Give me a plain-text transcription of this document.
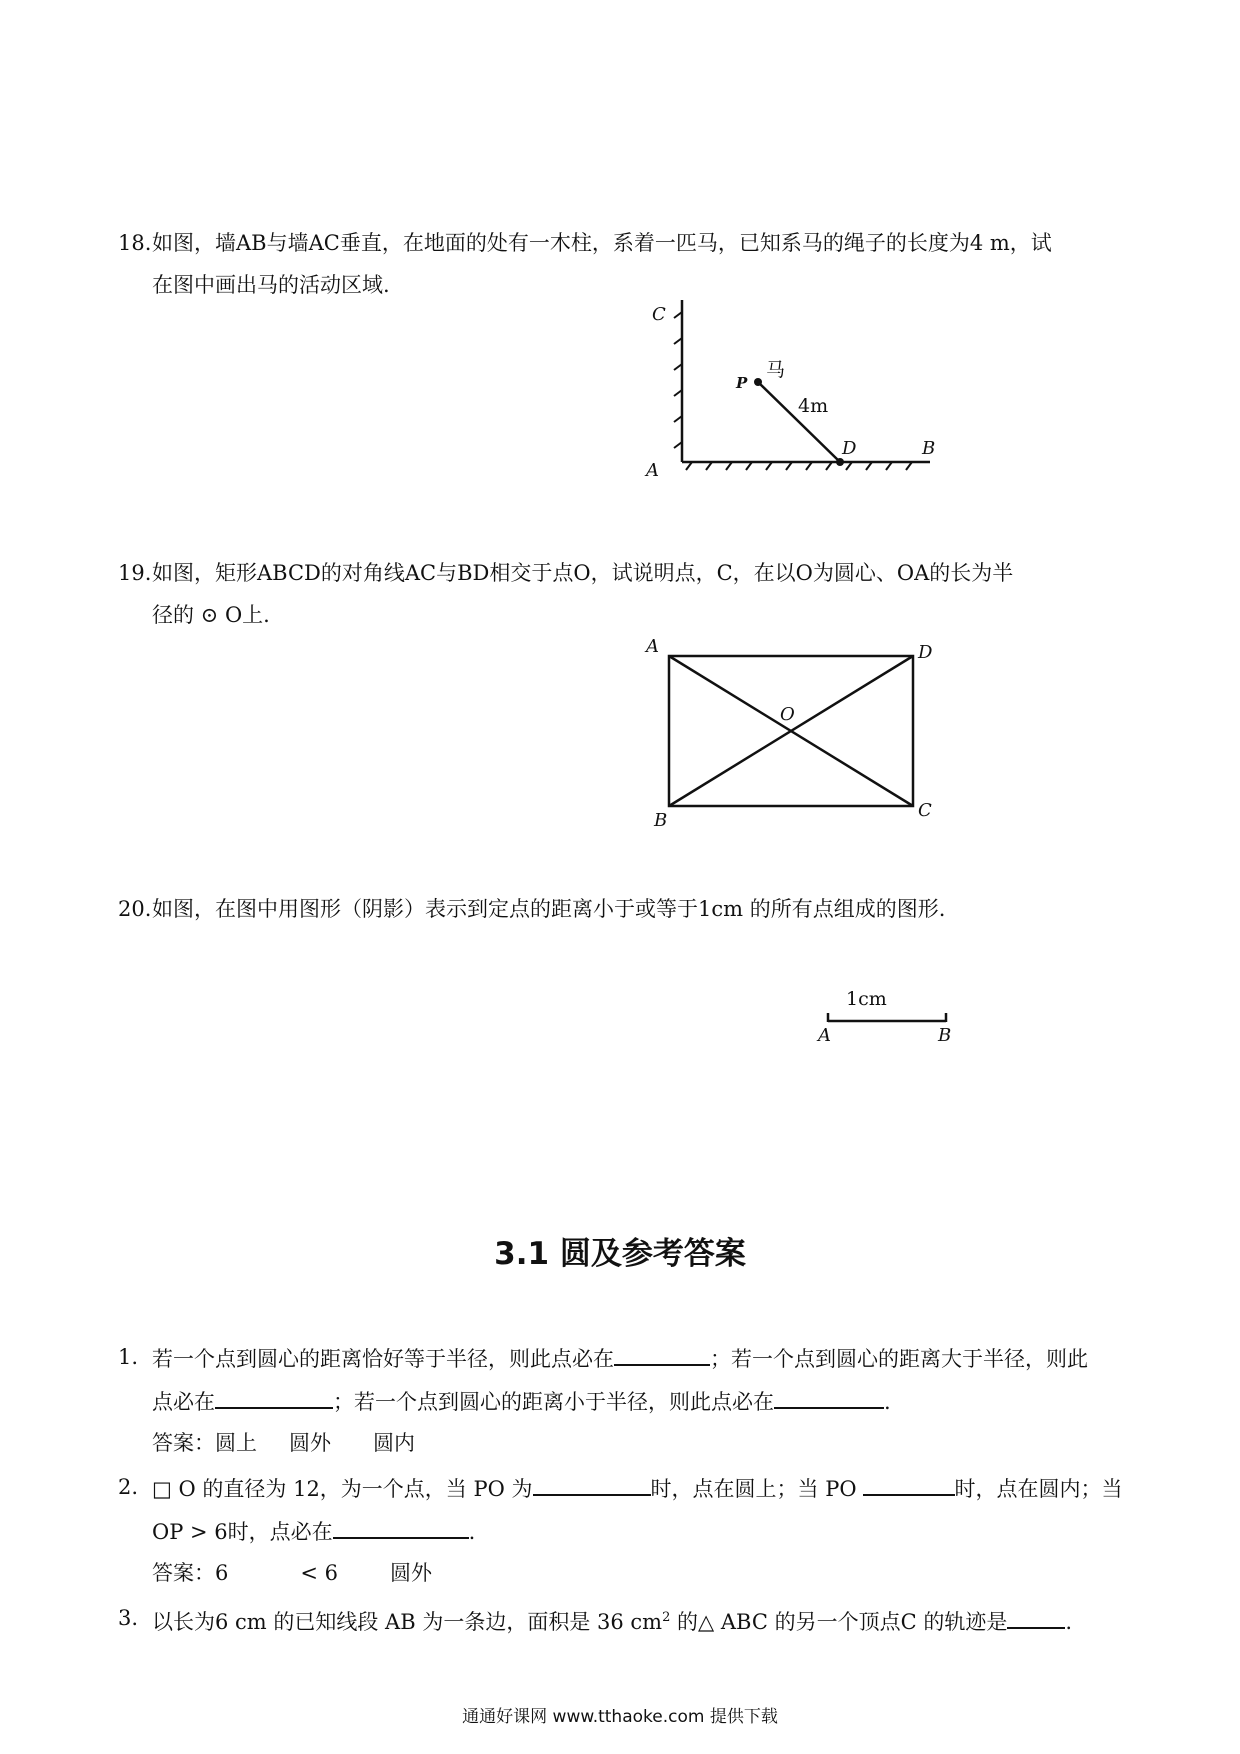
18. 如图，墙AB与墙AC垂直，在地面的处有一木柱，系着一匹马，已知系马的绳子的长度为4 m，试
在图中画出马的活动区域.
C
P
马
4m
A
D	B
19. 如图，矩形ABCD的对角线AC与BD相交于点O，试说明点，C，在以O为圆心、OA的长为半
径的 ⊙ O上.
A	D
O
B	C
20. 如图，在图中用图形（阴影）表示到定点的距离小于或等于1cm 的所有点组成的图形.
1cm
A	B
3.1 圆及参考答案
1. 若一个点到圆心的距离恰好等于半径，则此点必在	；若一个点到圆心的距离大于半径，则此
点必在	；若一个点到圆心的距离小于半径，则此点必在	.
答案：圆上 圆外 圆内
2. □ O 的直径为 12，为一个点，当 PO 为	时，点在圆上；当 PO	时，点在圆内；当
OP > 6时，点必在	.
答案：6	< 6 圆外
3. 以长为6 cm 的已知线段 AB 为一条边，面积是 36 $cm^2$ 的△ ABC 的另一个顶点C 的轨迹是	.
通通好课网 www.tthaoke.com 提供下载
